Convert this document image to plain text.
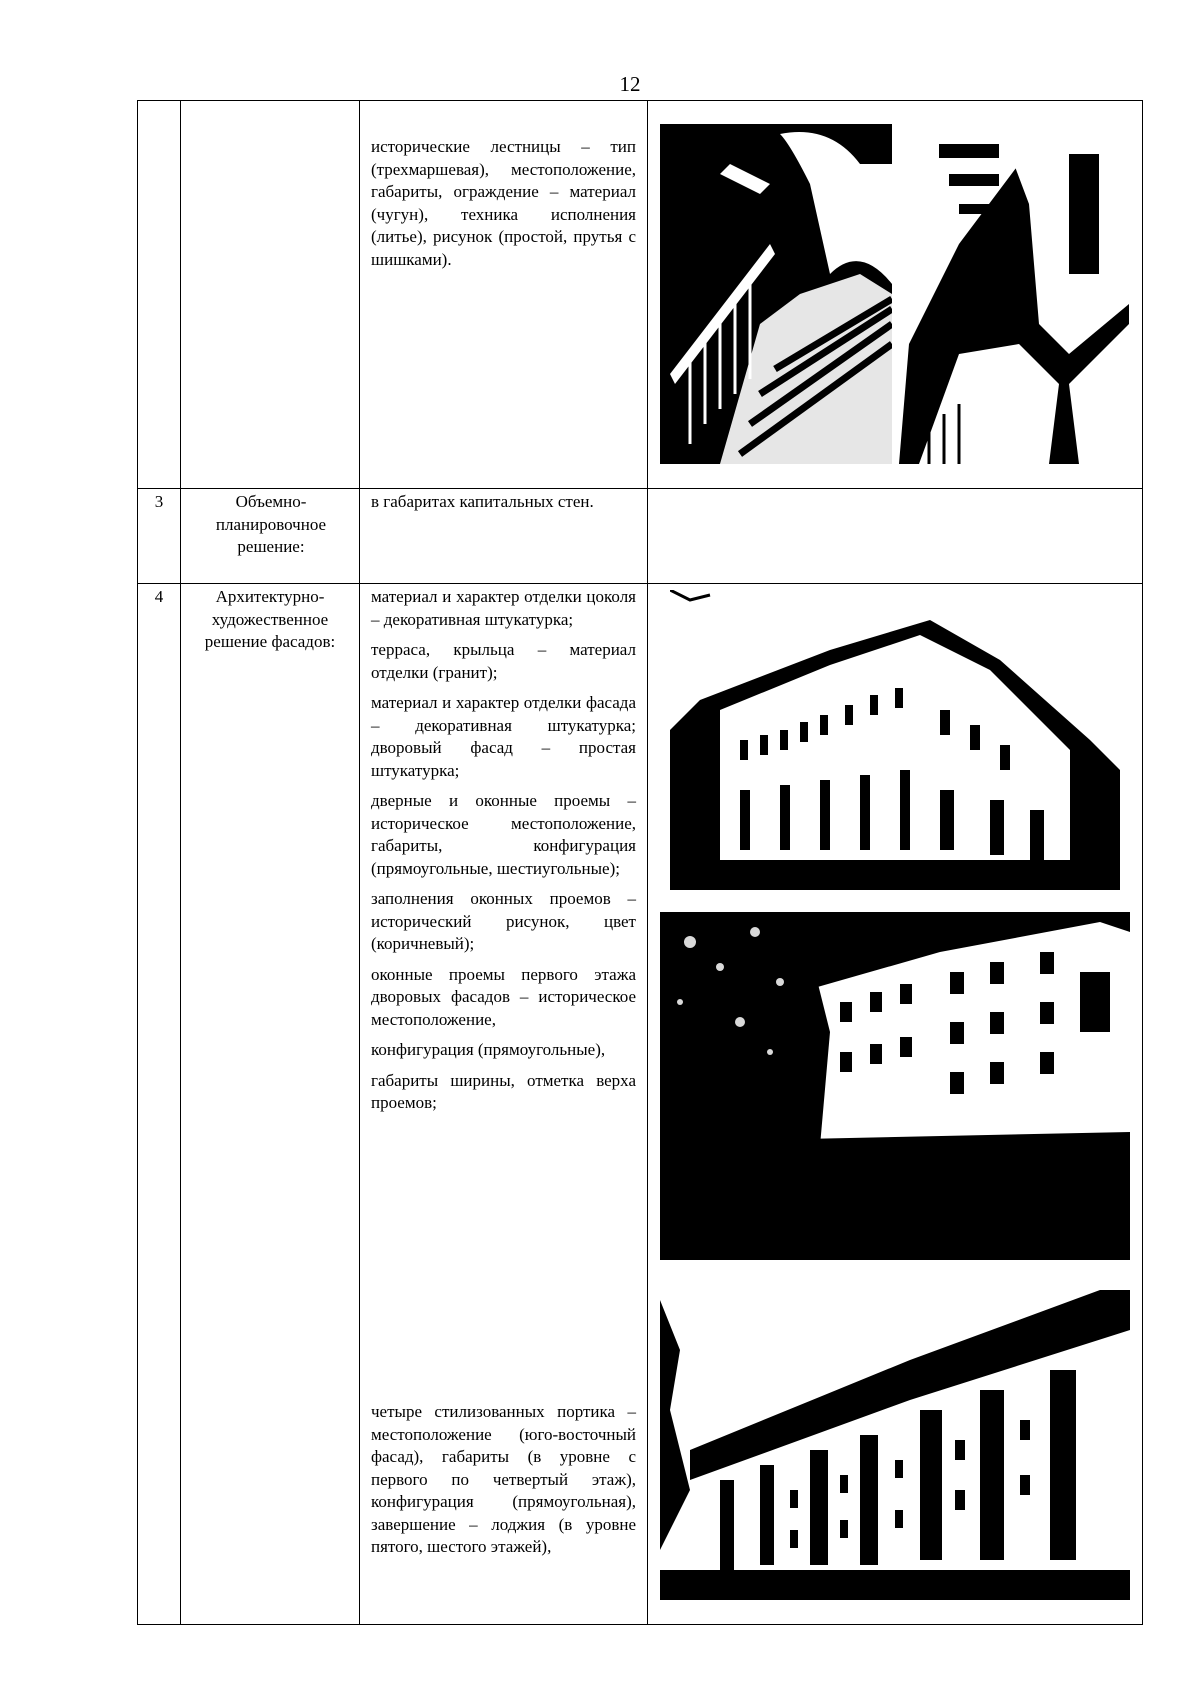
12

исторические лестницы – тип (трехмаршевая), местоположение, габариты, ограждение – материал (чугун), техника исполнения (литье), рисунок (простой, прутья с шишками).

3	Объемно-планировочное решение:

в габаритах капитальных стен.

4	Архитектурно-художественное решение фасадов:

материал и характер отделки цоколя – декоративная штукатурка;

терраса, крыльца – материал отделки (гранит);

материал и характер отделки фасада – декоративная штукатурка; дворовый фасад – простая штукатурка;

дверные и оконные проемы – историческое местоположение, габариты, конфигурация (прямоугольные, шестиугольные);

заполнения оконных проемов – исторический рисунок, цвет (коричневый);

оконные проемы первого этажа дворовых фасадов – историческое местоположение,

конфигурация (прямоугольные),

габариты ширины, отметка верха проемов;

четыре стилизованных портика – местоположение (юго-восточный фасад), габариты (в уровне с первого по четвертый этаж), конфигурация (прямоугольная), завершение – лоджия (в уровне пятого, шестого этажей),
